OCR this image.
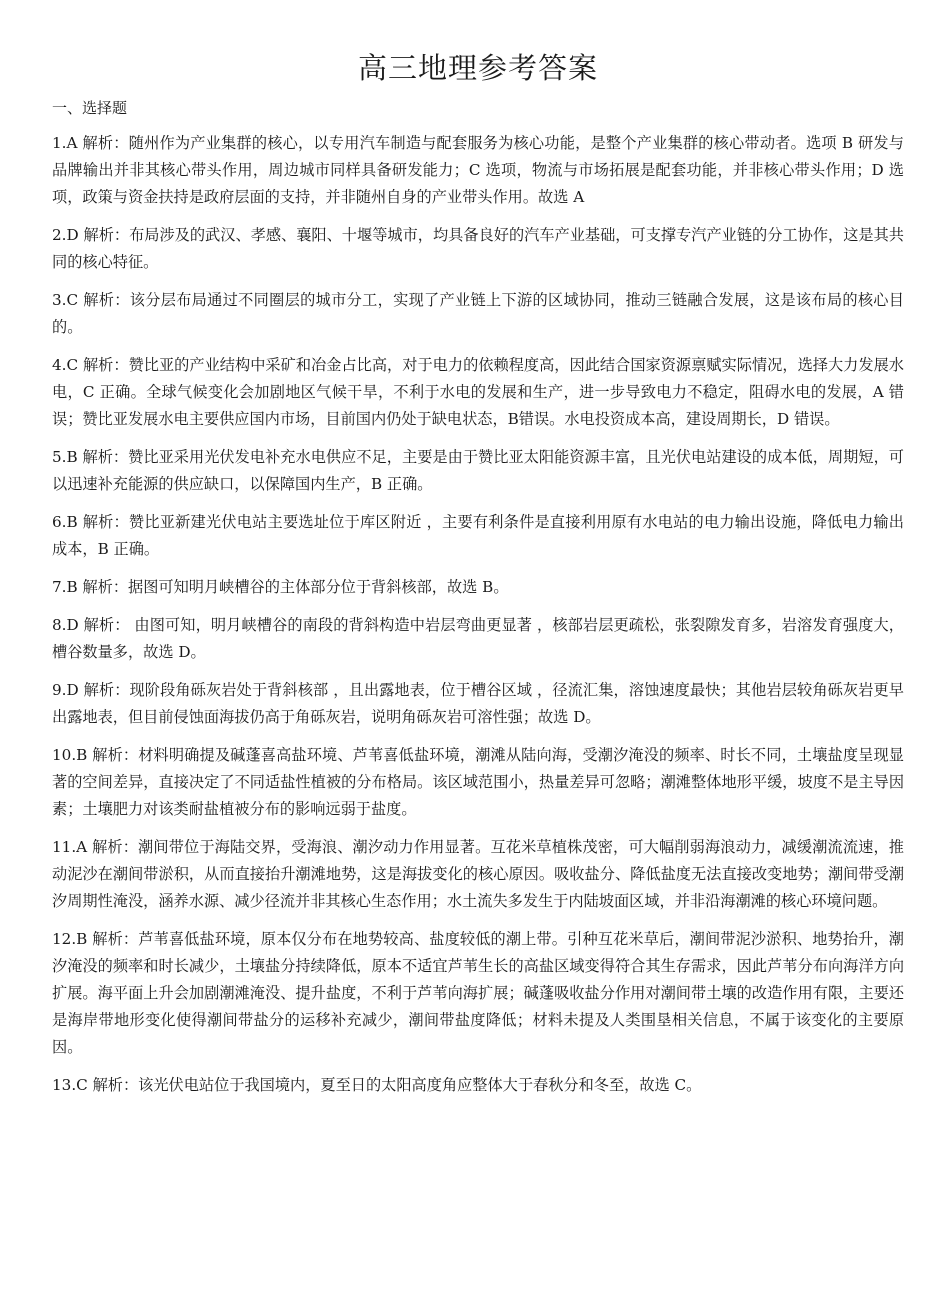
高三地理参考答案
一、选择题

1.A 解析：随州作为产业集群的核心，以专用汽车制造与配套服务为核心功能，是整个产业集群的核心带动者。选项 B 研发与品牌输出并非其核心带头作用，周边城市同样具备研发能力；C 选项，物流与市场拓展是配套功能，并非核心带头作用；D 选项，政策与资金扶持是政府层面的支持，并非随州自身的产业带头作用。故选 A

2.D 解析：布局涉及的武汉、孝感、襄阳、十堰等城市，均具备良好的汽车产业基础，可支撑专汽产业链的分工协作，这是其共同的核心特征。

3.C 解析：该分层布局通过不同圈层的城市分工，实现了产业链上下游的区域协同，推动三链融合发展，这是该布局的核心目的。

4.C 解析：赞比亚的产业结构中采矿和冶金占比高，对于电力的依赖程度高，因此结合国家资源禀赋实际情况，选择大力发展水电，C 正确。全球气候变化会加剧地区气候干旱，不利于水电的发展和生产，进一步导致电力不稳定，阻碍水电的发展，A 错误；赞比亚发展水电主要供应国内市场，目前国内仍处于缺电状态，B错误。水电投资成本高，建设周期长，D 错误。

5.B 解析：赞比亚采用光伏发电补充水电供应不足，主要是由于赞比亚太阳能资源丰富，且光伏电站建设的成本低，周期短，可以迅速补充能源的供应缺口，以保障国内生产，B 正确。

6.B 解析：赞比亚新建光伏电站主要选址位于库区附近 ，主要有利条件是直接利用原有水电站的电力输出设施，降低电力输出成本，B 正确。

7.B 解析：据图可知明月峡槽谷的主体部分位于背斜核部，故选 B。

8.D 解析： 由图可知，明月峡槽谷的南段的背斜构造中岩层弯曲更显著 ，核部岩层更疏松，张裂隙发育多，岩溶发育强度大，槽谷数量多，故选 D。

9.D 解析：现阶段角砾灰岩处于背斜核部 ，且出露地表，位于槽谷区域 ，径流汇集，溶蚀速度最快；其他岩层较角砾灰岩更早出露地表，但目前侵蚀面海拔仍高于角砾灰岩，说明角砾灰岩可溶性强；故选 D。

10.B 解析：材料明确提及碱蓬喜高盐环境、芦苇喜低盐环境，潮滩从陆向海，受潮汐淹没的频率、时长不同，土壤盐度呈现显著的空间差异，直接决定了不同适盐性植被的分布格局。该区域范围小，热量差异可忽略；潮滩整体地形平缓，坡度不是主导因素；土壤肥力对该类耐盐植被分布的影响远弱于盐度。

11.A 解析：潮间带位于海陆交界，受海浪、潮汐动力作用显著。互花米草植株茂密，可大幅削弱海浪动力，减缓潮流流速，推动泥沙在潮间带淤积，从而直接抬升潮滩地势，这是海拔变化的核心原因。吸收盐分、降低盐度无法直接改变地势；潮间带受潮汐周期性淹没，涵养水源、减少径流并非其核心生态作用；水土流失多发生于内陆坡面区域，并非沿海潮滩的核心环境问题。

12.B 解析：芦苇喜低盐环境，原本仅分布在地势较高、盐度较低的潮上带。引种互花米草后，潮间带泥沙淤积、地势抬升，潮汐淹没的频率和时长减少，土壤盐分持续降低，原本不适宜芦苇生长的高盐区域变得符合其生存需求，因此芦苇分布向海洋方向扩展。海平面上升会加剧潮滩淹没、提升盐度，不利于芦苇向海扩展；碱蓬吸收盐分作用对潮间带土壤的改造作用有限，主要还是海岸带地形变化使得潮间带盐分的运移补充减少，潮间带盐度降低；材料未提及人类围垦相关信息，不属于该变化的主要原因。

13.C 解析：该光伏电站位于我国境内，夏至日的太阳高度角应整体大于春秋分和冬至，故选 C。
